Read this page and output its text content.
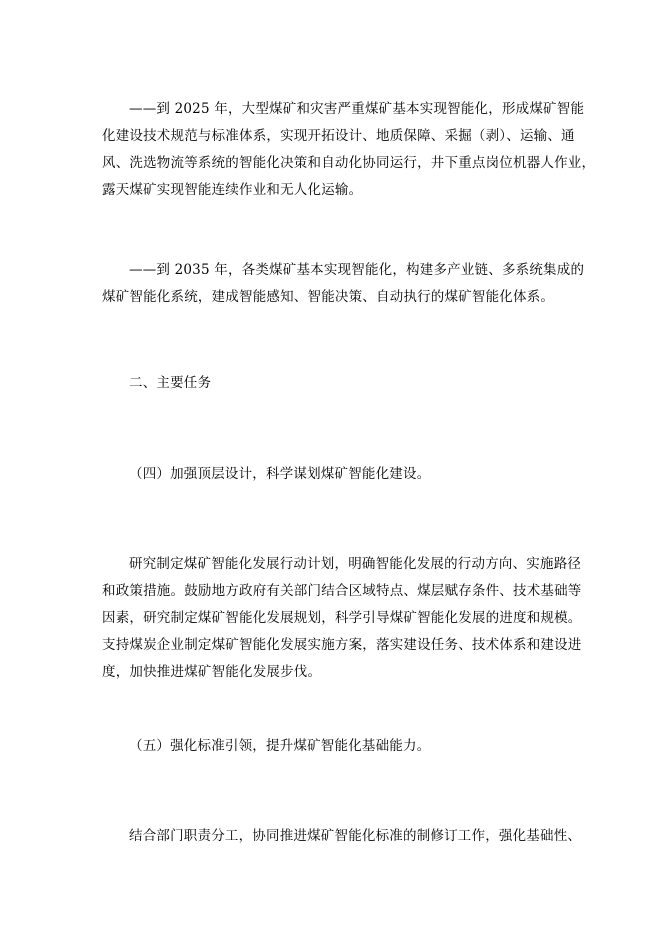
——到 2025 年，大型煤矿和灾害严重煤矿基本实现智能化，形成煤矿智能
化建设技术规范与标准体系，实现开拓设计、地质保障、采掘（剥）、运输、通
风、洗选物流等系统的智能化决策和自动化协同运行，井下重点岗位机器人作业，
露天煤矿实现智能连续作业和无人化运输。

——到 2035 年，各类煤矿基本实现智能化，构建多产业链、多系统集成的
煤矿智能化系统，建成智能感知、智能决策、自动执行的煤矿智能化体系。

二、主要任务

（四）加强顶层设计，科学谋划煤矿智能化建设。

研究制定煤矿智能化发展行动计划，明确智能化发展的行动方向、实施路径
和政策措施。鼓励地方政府有关部门结合区域特点、煤层赋存条件、技术基础等
因素，研究制定煤矿智能化发展规划，科学引导煤矿智能化发展的进度和规模。
支持煤炭企业制定煤矿智能化发展实施方案，落实建设任务、技术体系和建设进
度，加快推进煤矿智能化发展步伐。

（五）强化标准引领，提升煤矿智能化基础能力。

结合部门职责分工，协同推进煤矿智能化标准的制修订工作，强化基础性、
